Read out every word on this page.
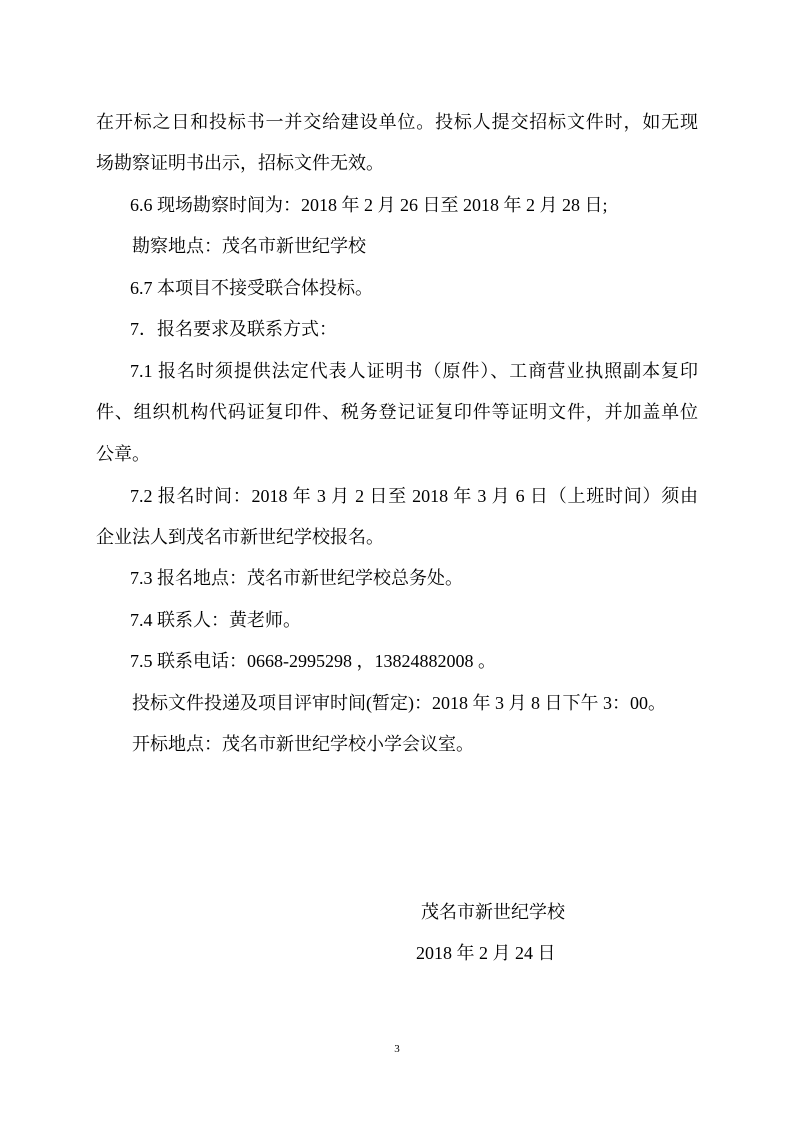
在开标之日和投标书一并交给建设单位。投标人提交招标文件时，如无现
场勘察证明书出示，招标文件无效。
6.6 现场勘察时间为：2018 年 2 月 26 日至 2018 年 2 月 28 日;
勘察地点：茂名市新世纪学校
6.7 本项目不接受联合体投标。
7．报名要求及联系方式：
7.1 报名时须提供法定代表人证明书（原件）、工商营业执照副本复印
件、组织机构代码证复印件、税务登记证复印件等证明文件，并加盖单位
公章。
7.2 报名时间：2018 年 3 月 2 日至 2018 年 3 月 6 日（上班时间）须由
企业法人到茂名市新世纪学校报名。
7.3 报名地点：茂名市新世纪学校总务处。
7.4 联系人：黄老师。
7.5 联系电话：0668-2995298 ，13824882008 。
投标文件投递及项目评审时间(暂定)：2018 年 3 月 8 日下午 3：00。
开标地点：茂名市新世纪学校小学会议室。
茂名市新世纪学校
2018 年 2 月 24 日
3
